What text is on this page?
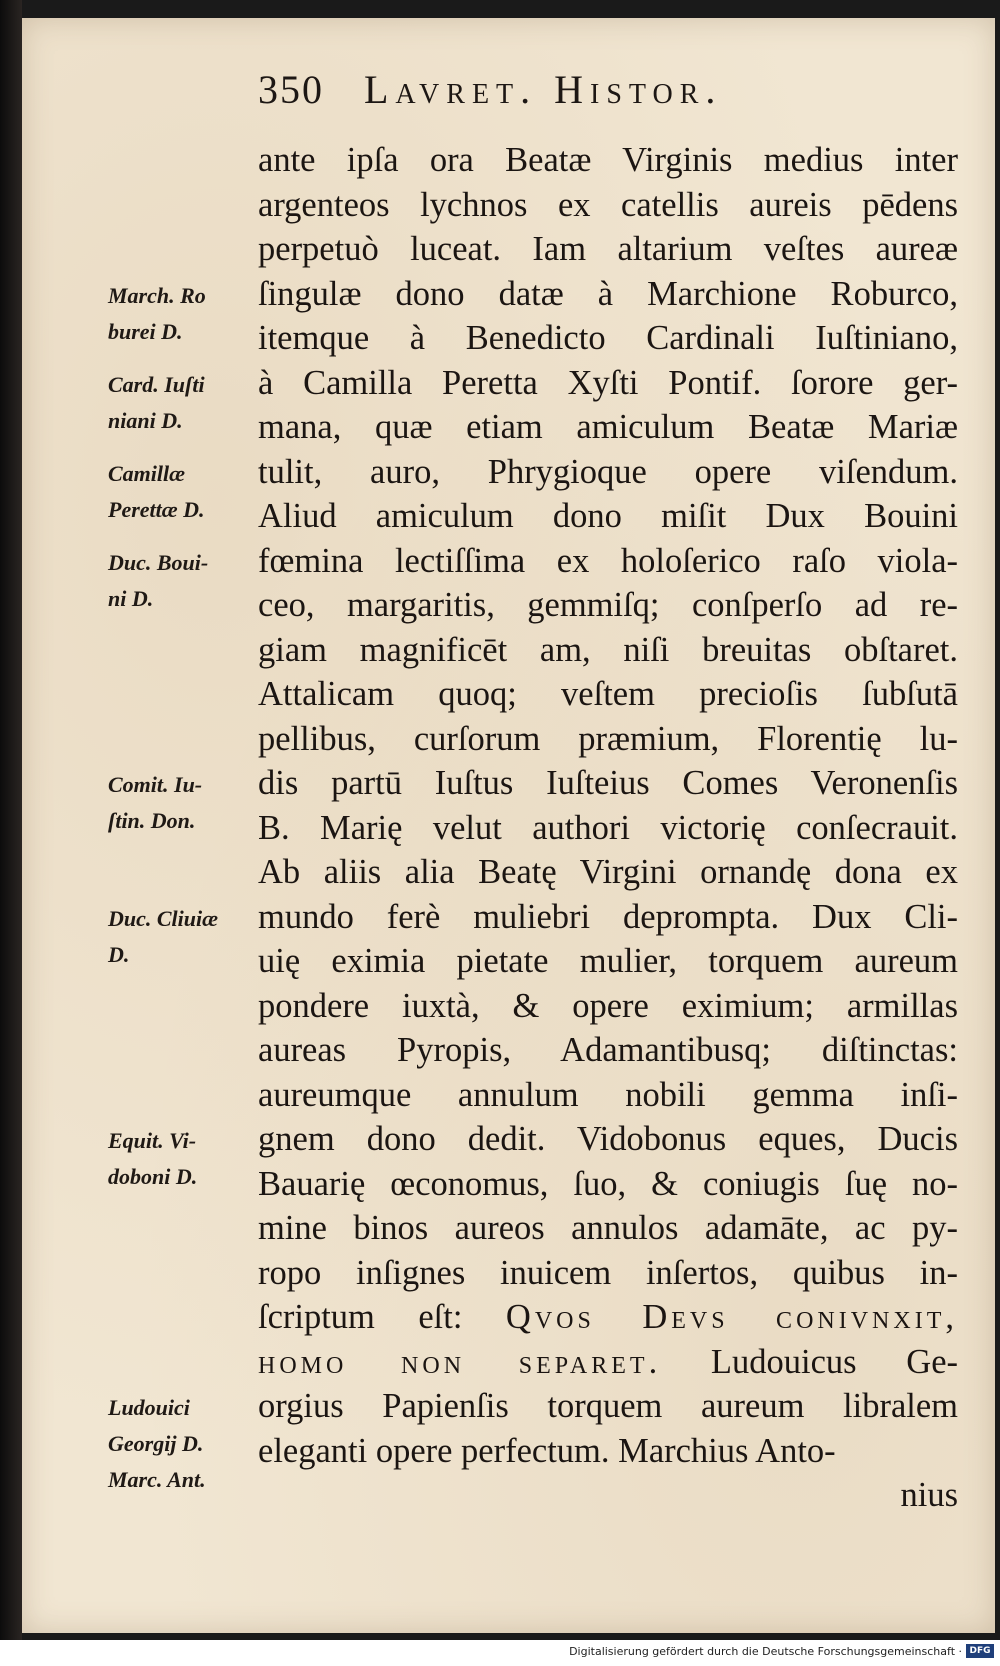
350 Lavret. Histor.
ante ipſa ora Beatæ Virginis medius inter
argenteos lychnos ex catellis aureis pēdens
perpetuò luceat. Iam altarium veſtes aureæ
ſingulæ dono datæ à Marchione Roburco,
itemque à Benedicto Cardinali Iuſtiniano,
à Camilla Peretta Xyſti Pontif. ſorore ger-
mana, quæ etiam amiculum Beatæ Mariæ
tulit, auro, Phrygioque opere viſendum.
Aliud amiculum dono miſit Dux Bouini
fœmina lectiſſima ex holoſerico raſo viola-
ceo, margaritis, gemmiſq; conſperſo ad re-
giam magnificēt am, niſi breuitas obſtaret.
Attalicam quoq; veſtem precioſis ſubſutā
pellibus, curſorum præmium, Florentię lu-
dis partū Iuſtus Iuſteius Comes Veronenſis
B. Marię velut authori victorię conſecrauit.
Ab aliis alia Beatę Virgini ornandę dona ex
mundo ferè muliebri deprompta. Dux Cli-
uię eximia pietate mulier, torquem aureum
pondere iuxtà, & opere eximium; armillas
aureas Pyropis, Adamantibusq; diſtinctas:
aureumque annulum nobili gemma inſi-
gnem dono dedit. Vidobonus eques, Ducis
Bauarię œconomus, ſuo, & coniugis ſuę no-
mine binos aureos annulos adamāte, ac py-
ropo inſignes inuicem inſertos, quibus in-
ſcriptum eſt: Qvos Devs conivnxit,
homo non separet. Ludouicus Ge-
orgius Papienſis torquem aureum libralem
eleganti opere perfectum. Marchius Anto-
nius
March. Ro
burei D.
Card. Iuſti
niani D.
Camillæ
Perettæ D.
Duc. Boui-
ni D.
Comit. Iu-
ſtin. Don.
Duc. Cliuiæ
D.
Equit. Vi-
doboni D.
Ludouici
Georgij D.
Marc. Ant.
Digitalisierung gefördert durch die Deutsche Forschungsgemeinschaft · DFG
